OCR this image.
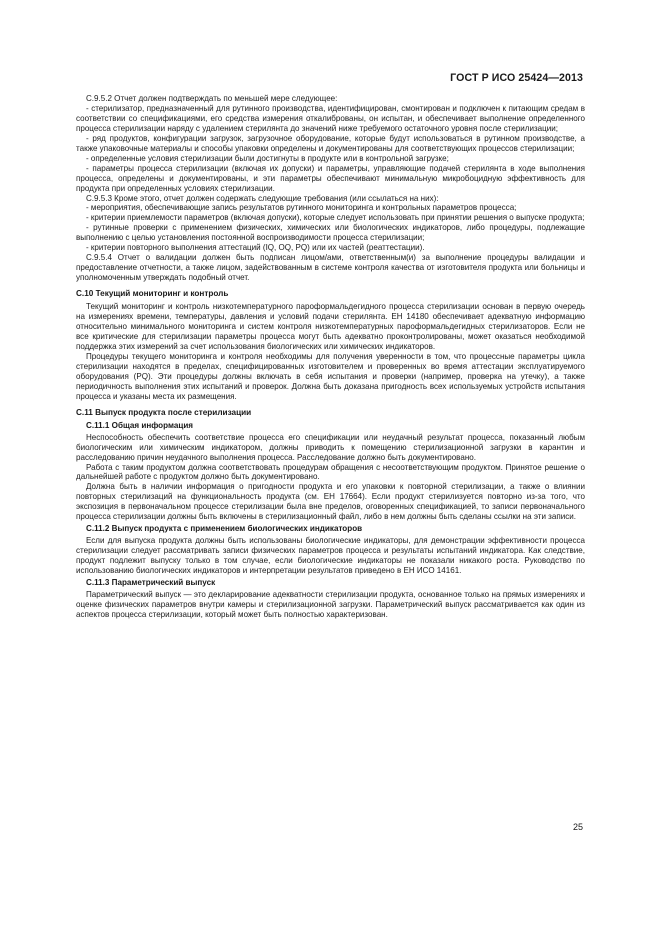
ГОСТ Р ИСО 25424—2013

C.9.5.2 Отчет должен подтверждать по меньшей мере следующее:

- стерилизатор, предназначенный для рутинного производства, идентифицирован, смонтирован и подключен к питающим средам в соответствии со спецификациями, его средства измерения откалиброваны, он испытан, и обеспечивает выполнение определенного процесса стерилизации наряду с удалением стерилянта до значений ниже требуемого остаточного уровня после стерилизации;

- ряд продуктов, конфигурации загрузок, загрузочное оборудование, которые будут использоваться в рутинном производстве, а также упаковочные материалы и способы упаковки определены и документированы для соответствующих процессов стерилизации;

- определенные условия стерилизации были достигнуты в продукте или в контрольной загрузке;

- параметры процесса стерилизации (включая их допуски) и параметры, управляющие подачей стерилянта в ходе выполнения процесса, определены и документированы, и эти параметры обеспечивают минимальную микробоцидную эффективность для продукта при определенных условиях стерилизации.

C.9.5.3 Кроме этого, отчет должен содержать следующие требования (или ссылаться на них):

- мероприятия, обеспечивающие запись результатов рутинного мониторинга и контрольных параметров процесса;

- критерии приемлемости параметров (включая допуски), которые следует использовать при принятии решения о выпуске продукта;

- рутинные проверки с применением физических, химических или биологических индикаторов, либо процедуры, подлежащие выполнению с целью установления постоянной воспроизводимости процесса стерилизации;

- критерии повторного выполнения аттестаций (IQ, OQ, PQ) или их частей (реаттестации).

C.9.5.4 Отчет о валидации должен быть подписан лицом/ами, ответственным(и) за выполнение процедуры валидации и предоставление отчетности, а также лицом, задействованным в системе контроля качества от изготовителя продукта или больницы и уполномоченным утверждать подобный отчет.

C.10 Текущий мониторинг и контроль

Текущий мониторинг и контроль низкотемпературного пароформальдегидного процесса стерилизации основан в первую очередь на измерениях времени, температуры, давления и условий подачи стерилянта. ЕН 14180 обеспечивает адекватную информацию относительно минимального мониторинга и систем контроля низкотемпературных пароформальдегидных стерилизаторов. Если не все критические для стерилизации параметры процесса могут быть адекватно проконтролированы, может оказаться необходимой поддержка этих измерений за счет использования биологических или химических индикаторов.

Процедуры текущего мониторинга и контроля необходимы для получения уверенности в том, что процессные параметры цикла стерилизации находятся в пределах, специфицированных изготовителем и проверенных во время аттестации эксплуатируемого оборудования (PQ). Эти процедуры должны включать в себя испытания и проверки (например, проверка на утечку), а также периодичность выполнения этих испытаний и проверок. Должна быть доказана пригодность всех используемых устройств испытания процесса и указаны места их размещения.

C.11 Выпуск продукта после стерилизации
C.11.1 Общая информация

Неспособность обеспечить соответствие процесса его спецификации или неудачный результат процесса, показанный любым биологическим или химическим индикатором, должны приводить к помещению стерилизационной загрузки в карантин и расследованию причин неудачного выполнения процесса. Расследование должно быть документировано.

Работа с таким продуктом должна соответствовать процедурам обращения с несоответствующим продуктом. Принятое решение о дальнейшей работе с продуктом должно быть документировано.

Должна быть в наличии информация о пригодности продукта и его упаковки к повторной стерилизации, а также о влиянии повторных стерилизаций на функциональность продукта (см. ЕН 17664). Если продукт стерилизуется повторно из-за того, что экспозиция в первоначальном процессе стерилизации была вне пределов, оговоренных спецификацией, то записи первоначального процесса стерилизации должны быть включены в стерилизационный файл, либо в нем должны быть сделаны ссылки на эти записи.

C.11.2 Выпуск продукта с применением биологических индикаторов

Если для выпуска продукта должны быть использованы биологические индикаторы, для демонстрации эффективности процесса стерилизации следует рассматривать записи физических параметров процесса и результаты испытаний индикатора. Как следствие, продукт подлежит выпуску только в том случае, если биологические индикаторы не показали никакого роста. Руководство по использованию биологических индикаторов и интерпретации результатов приведено в ЕН ИСО 14161.

C.11.3 Параметрический выпуск

Параметрический выпуск — это декларирование адекватности стерилизации продукта, основанное только на прямых измерениях и оценке физических параметров внутри камеры и стерилизационной загрузки. Параметрический выпуск рассматривается как один из аспектов процесса стерилизации, который может быть полностью характеризован.

25
